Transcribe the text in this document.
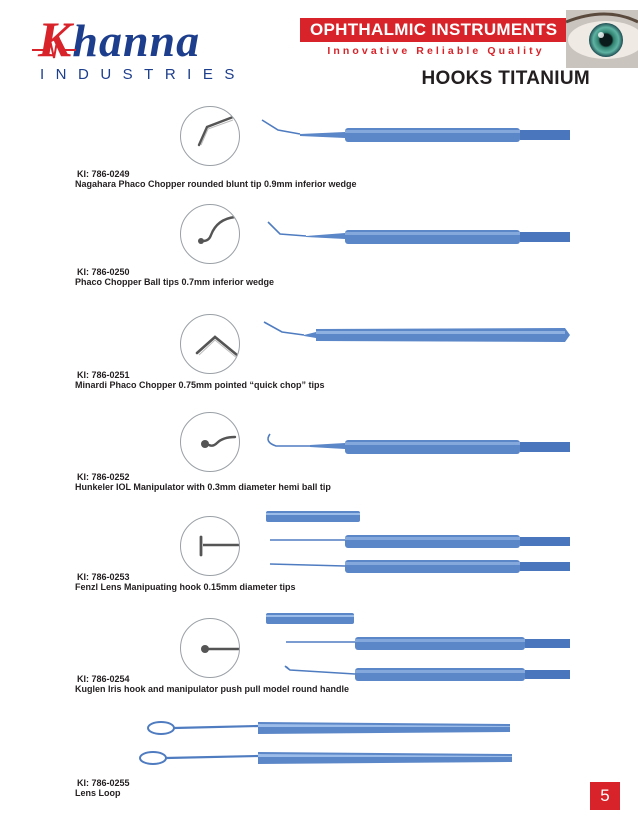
Khanna
INDUSTRIES
OPHTHALMIC INSTRUMENTS
Innovative Reliable Quality
HOOKS TITANIUM
KI: 786-0249
Nagahara Phaco Chopper rounded blunt tip 0.9mm inferior wedge
KI: 786-0250
Phaco Chopper Ball tips 0.7mm inferior wedge
KI: 786-0251
Minardi Phaco Chopper 0.75mm pointed “quick chop” tips
KI: 786-0252
Hunkeler IOL Manipulator with 0.3mm diameter hemi ball tip
KI: 786-0253
Fenzl Lens Manipuating hook 0.15mm diameter tips
KI: 786-0254
Kuglen Iris hook and manipulator push pull model round handle
KI: 786-0255
Lens Loop	5
